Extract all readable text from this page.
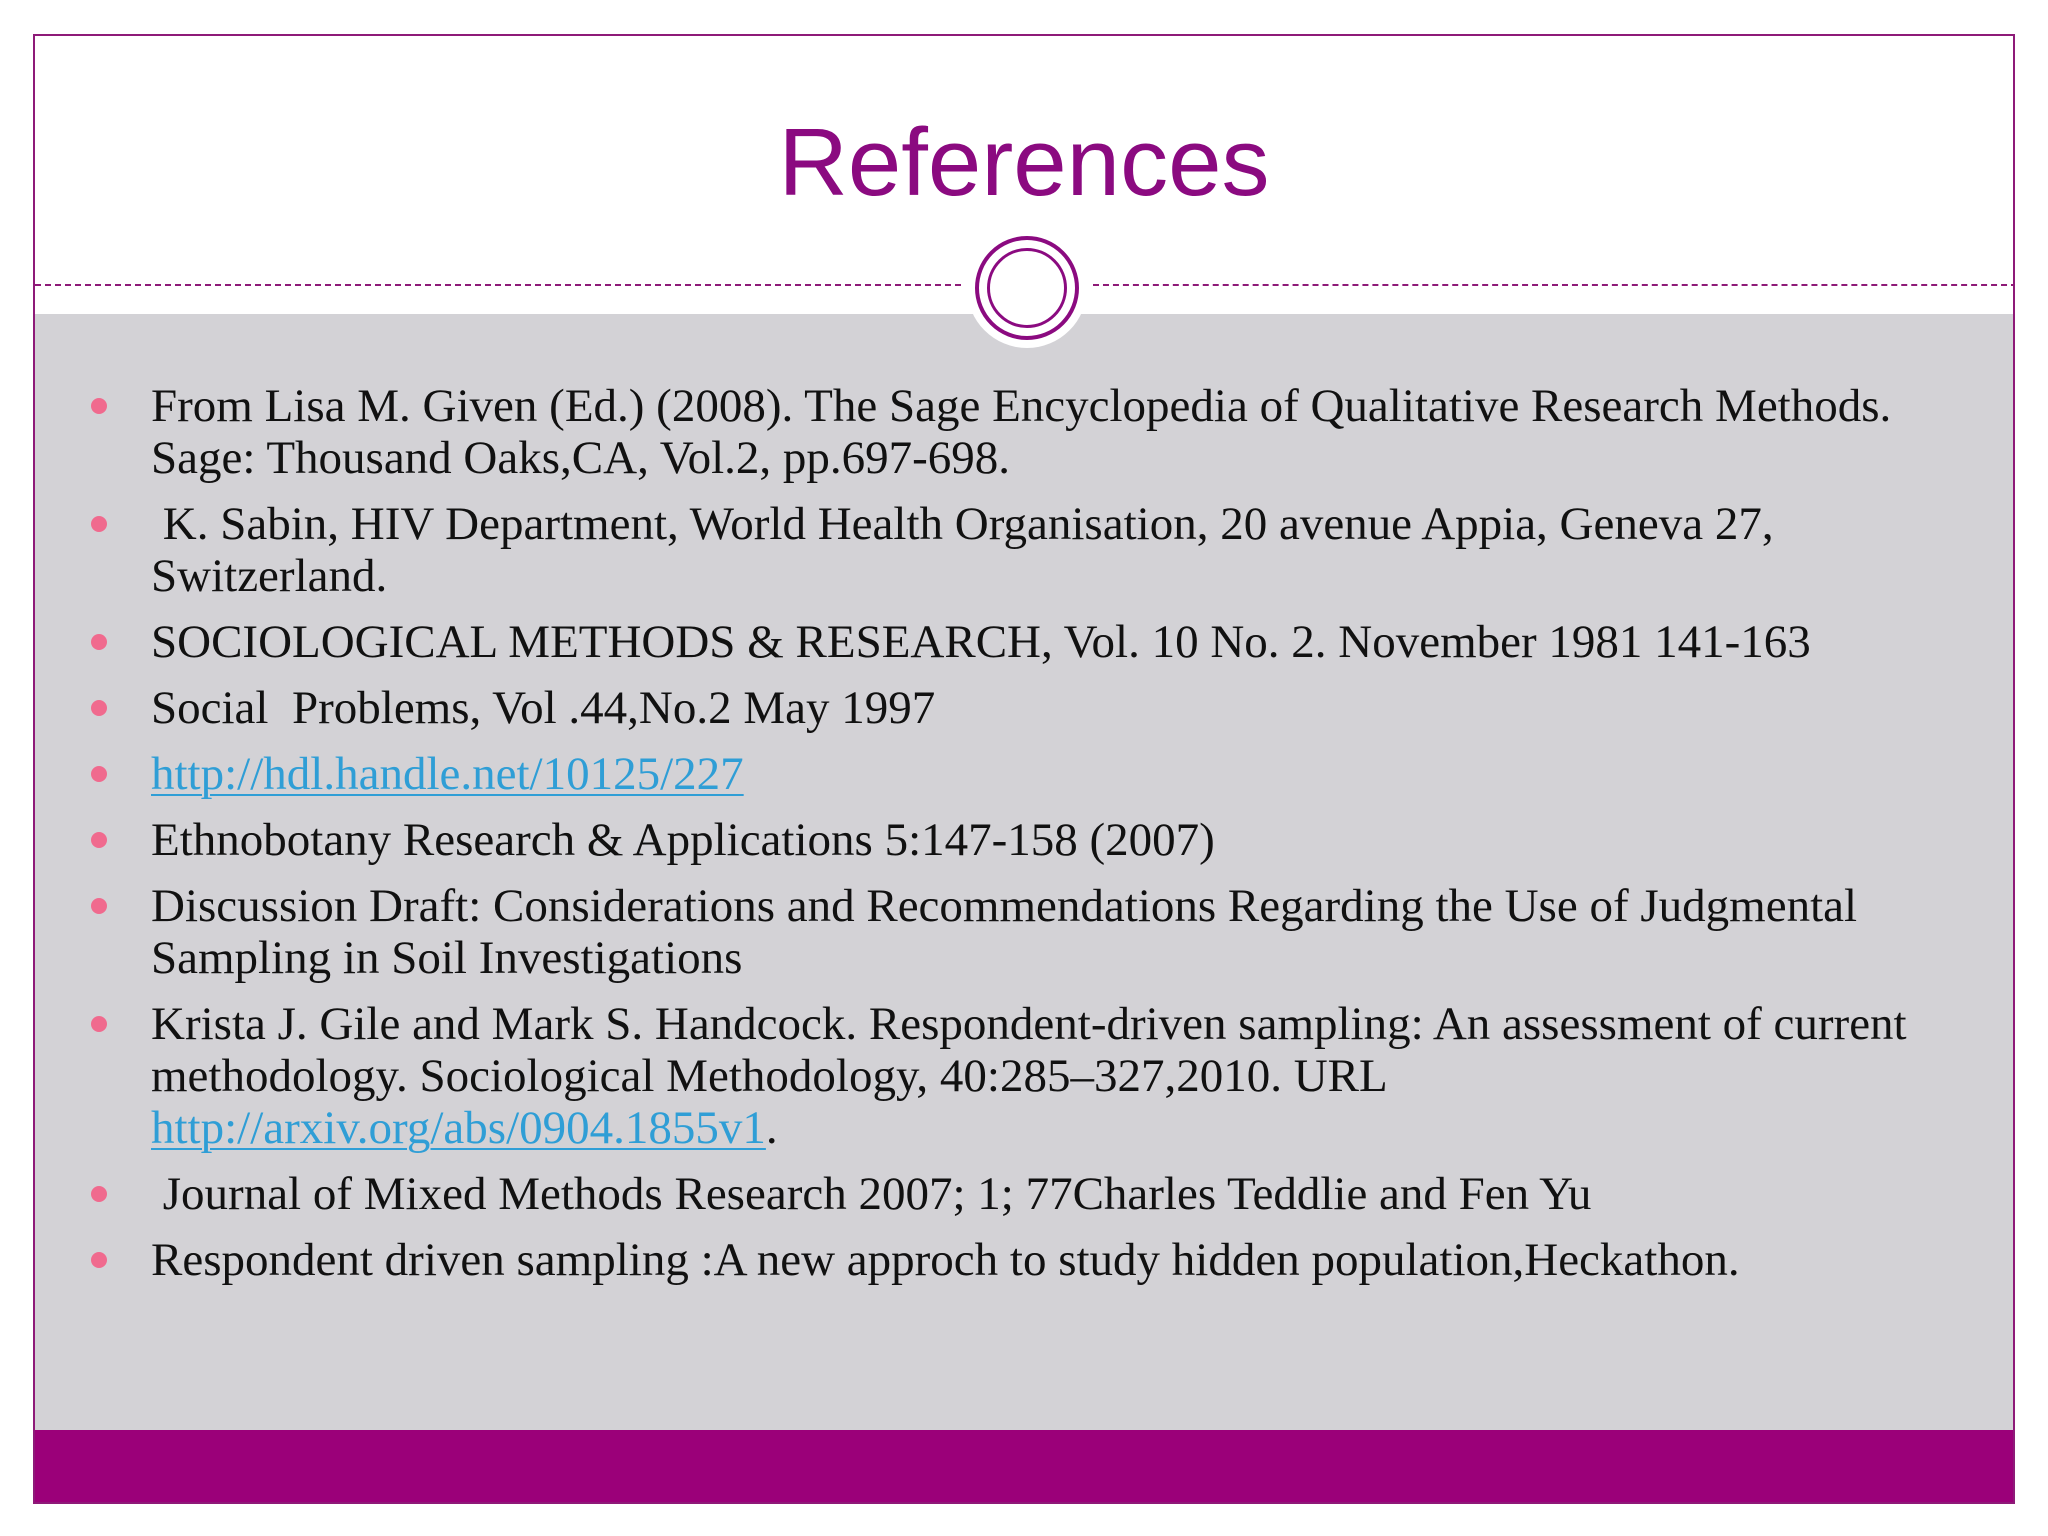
References
From Lisa M. Given (Ed.) (2008). The Sage Encyclopedia of Qualitative Research Methods. Sage: Thousand Oaks,CA, Vol.2, pp.697-698.
K. Sabin, HIV Department, World Health Organisation, 20 avenue Appia, Geneva 27, Switzerland.
SOCIOLOGICAL METHODS & RESEARCH, Vol. 10 No. 2. November 1981 141-163
Social  Problems, Vol .44,No.2 May 1997
http://hdl.handle.net/10125/227
Ethnobotany Research & Applications 5:147-158 (2007)
Discussion Draft: Considerations and Recommendations Regarding the Use of Judgmental Sampling in Soil Investigations
Krista J. Gile and Mark S. Handcock. Respondent-driven sampling: An assessment of current methodology. Sociological Methodology, 40:285–327,2010. URL http://arxiv.org/abs/0904.1855v1.
Journal of Mixed Methods Research 2007; 1; 77Charles Teddlie and Fen Yu
Respondent driven sampling :A new approch to study hidden population,Heckathon.
